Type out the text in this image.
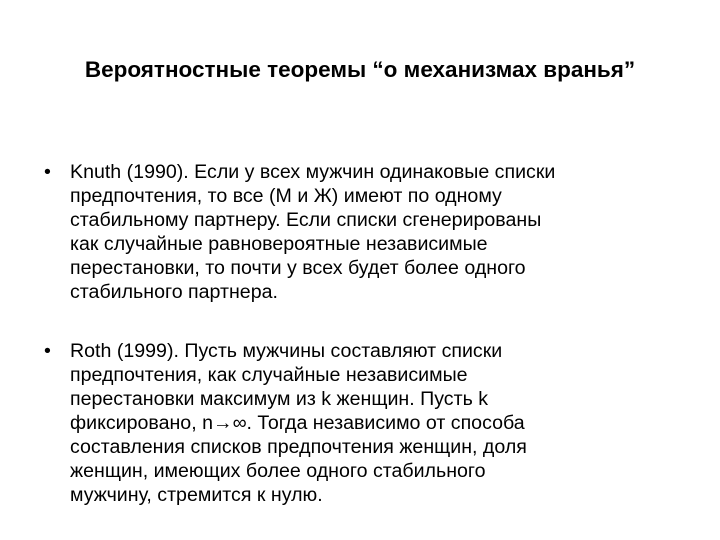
Вероятностные теоремы “о механизмах вранья”
• Knuth (1990). Если у всех мужчин одинаковые списки
предпочтения, то все (М и Ж) имеют по одному
стабильному партнеру. Если списки сгенерированы
как случайные равновероятные независимые
перестановки, то почти у всех будет более одного
стабильного партнера.
• Roth (1999). Пусть мужчины составляют списки
предпочтения, как случайные независимые
перестановки максимум из k женщин. Пусть k
фиксировано, n→∞. Тогда независимо от способа
составления списков предпочтения женщин, доля
женщин, имеющих более одного стабильного
мужчину, стремится к нулю.
